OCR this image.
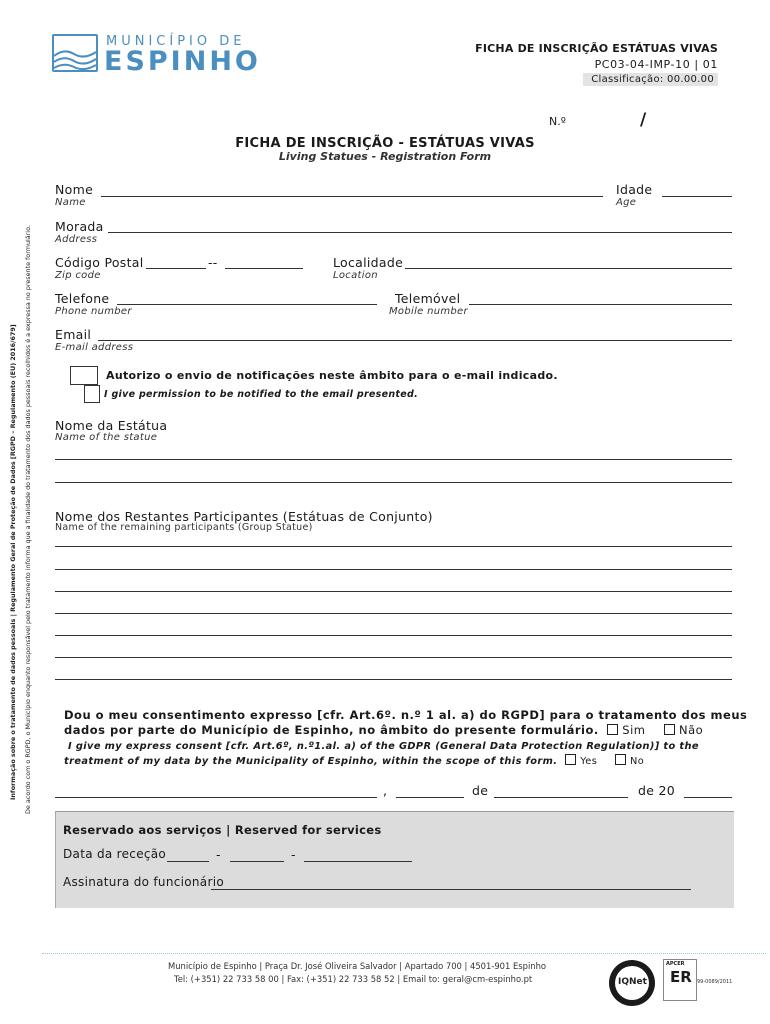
Informação sobre o tratamento de dados pessoais | Regulamento Geral de Proteção de Dados [RGPD – Regulamento (EU) 2016/679] De acordo com o RGPD, o Município enquanto responsável pelo tratamento informa que a finalidade do tratamento dos dados pessoais recolhidos é a expressa no presente formulário.
MUNICÍPIO DE
ESPINHO	FICHA DE INSCRIÇÃO ESTÁTUAS VIVAS
PC03-04-IMP-10 | 01
Classificação: 00.00.00
N.º	/
FICHA DE INSCRIÇÃO - ESTÁTUAS VIVAS
Living Statues - Registration Form
Nome
Name
Idade
Age
Morada
Address
Código Postal	--
Zip code
Localidade
Location
Telefone
Phone number
Telemóvel
Mobile number
Email
E-mail address
Autorizo o envio de notificações neste âmbito para o e-mail indicado.
I give permission to be notified to the email presented.
Nome da Estátua
Name of the statue
Nome dos Restantes Participantes (Estátuas de Conjunto)
Name of the remaining participants (Group Statue)
Dou o meu consentimento expresso [cfr. Art.6º. n.º 1 al. a) do RGPD] para o tratamento dos meus
dados por parte do Município de Espinho, no âmbito do presente formulário. Sim	Não
I give my express consent [cfr. Art.6º, n.º1.al. a) of the GDPR (General Data Protection Regulation)] to the
treatment of my data by the Municipality of Espinho, within the scope of this form. Yes	No
,	de	de 20
Reservado aos serviços | Reserved for services
Data da receção	-	-
Assinatura do funcionário
Município de Espinho | Praça Dr. José Oliveira Salvador | Apartado 700 | 4501-901 Espinho
Tel: (+351) 22 733 58 00 | Fax: (+351) 22 733 58 52 | Email to: geral@cm-espinho.pt	IQNet
APCER
ER 99-0089/2011
